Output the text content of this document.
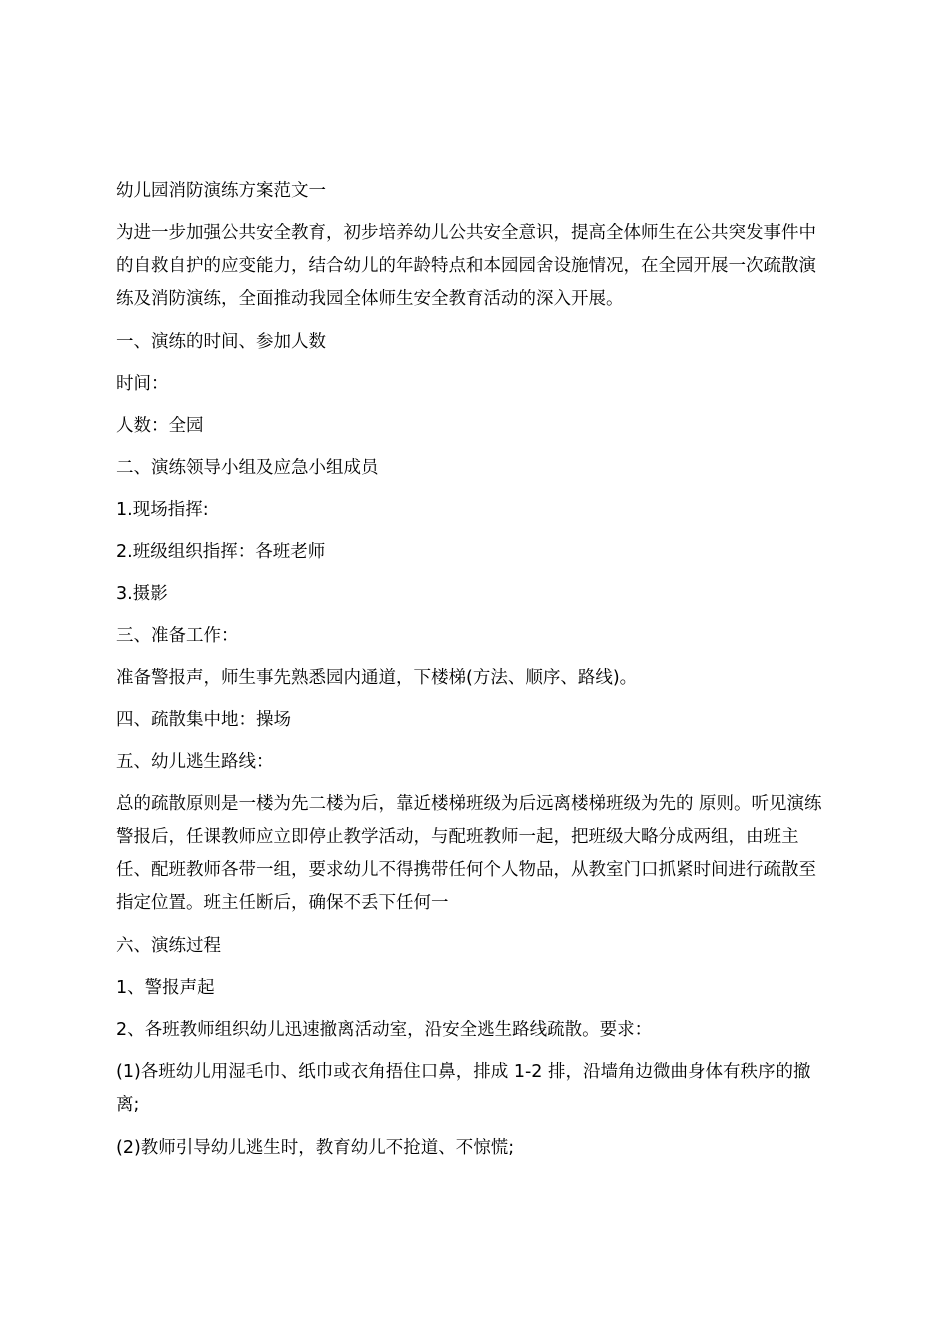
幼儿园消防演练方案范文一

为进一步加强公共安全教育，初步培养幼儿公共安全意识，提高全体师生在公共突发事件中的自救自护的应变能力，结合幼儿的年龄特点和本园园舍设施情况，在全园开展一次疏散演练及消防演练，全面推动我园全体师生安全教育活动的深入开展。

一、演练的时间、参加人数

时间：

人数：全园

二、演练领导小组及应急小组成员

1.现场指挥:

2.班级组织指挥：各班老师

3.摄影

三、准备工作：

准备警报声，师生事先熟悉园内通道，下楼梯(方法、顺序、路线)。

四、疏散集中地：操场

五、幼儿逃生路线：

总的疏散原则是一楼为先二楼为后，靠近楼梯班级为后远离楼梯班级为先的 原则。听见演练警报后，任课教师应立即停止教学活动，与配班教师一起，把班级大略分成两组，由班主任、配班教师各带一组，要求幼儿不得携带任何个人物品，从教室门口抓紧时间进行疏散至指定位置。班主任断后，确保不丢下任何一

六、演练过程

1、警报声起

2、各班教师组织幼儿迅速撤离活动室，沿安全逃生路线疏散。要求：

(1)各班幼儿用湿毛巾、纸巾或衣角捂住口鼻，排成 1-2 排，沿墙角边微曲身体有秩序的撤离;

(2)教师引导幼儿逃生时，教育幼儿不抢道、不惊慌;
